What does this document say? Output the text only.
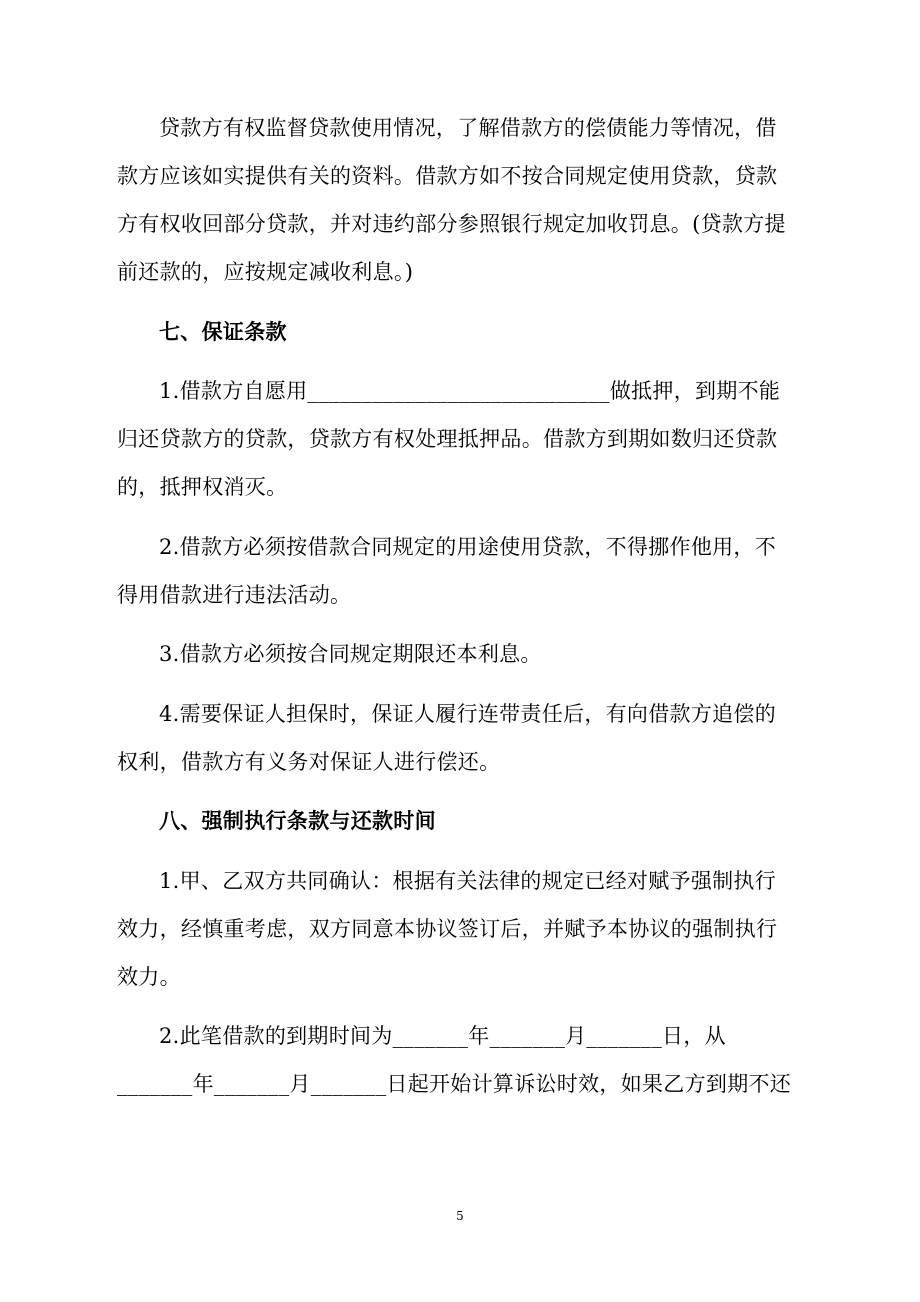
贷款方有权监督贷款使用情况，了解借款方的偿债能力等情况，借
款方应该如实提供有关的资料。借款方如不按合同规定使用贷款，贷款
方有权收回部分贷款，并对违约部分参照银行规定加收罚息。(贷款方提
前还款的，应按规定减收利息。)
七、保证条款
1.借款方自愿用____________________________做抵押，到期不能
归还贷款方的贷款，贷款方有权处理抵押品。借款方到期如数归还贷款
的，抵押权消灭。
2.借款方必须按借款合同规定的用途使用贷款，不得挪作他用，不
得用借款进行违法活动。
3.借款方必须按合同规定期限还本利息。
4.需要保证人担保时，保证人履行连带责任后，有向借款方追偿的
权利，借款方有义务对保证人进行偿还。
八、强制执行条款与还款时间
1.甲、乙双方共同确认：根据有关法律的规定已经对赋予强制执行
效力，经慎重考虑，双方同意本协议签订后，并赋予本协议的强制执行
效力。
2.此笔借款的到期时间为_______年_______月_______日，从
_______年_______月_______日起开始计算诉讼时效，如果乙方到期不还
5
